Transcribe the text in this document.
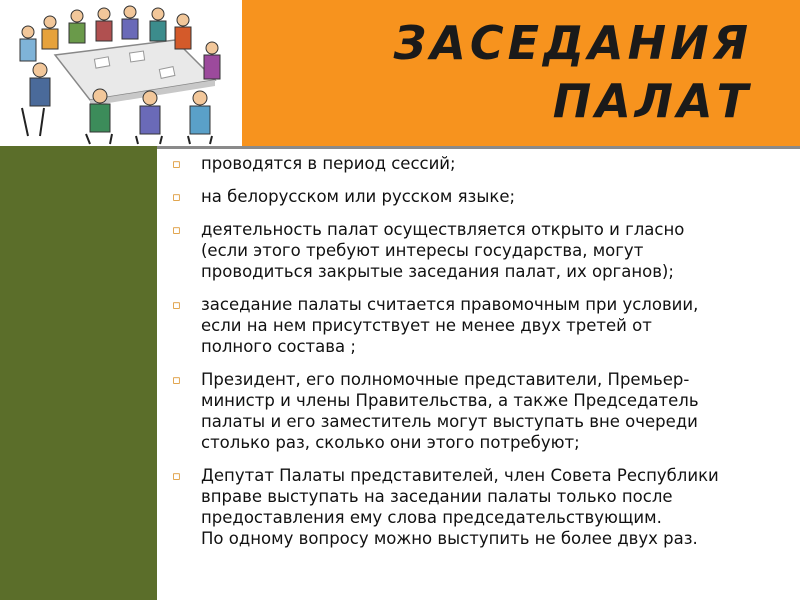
ЗАСЕДАНИЯ
ПАЛАТ
▫ проводятся в период сессий;
▫ на белорусском или русском языке;
▫ деятельность палат осуществляется открыто и гласно
(если этого требуют интересы государства, могут
проводиться закрытые заседания палат, их органов);
▫ заседание палаты считается правомочным при условии,
если на нем присутствует не менее двух третей от
полного состава ;
▫ Президент, его полномочные представители, Премьер-
министр и члены Правительства, а также Председатель
палаты и его заместитель могут выступать вне очереди
столько раз, сколько они этого потребуют;
▫ Депутат Палаты представителей, член Совета Республики
вправе выступать на заседании палаты только после
предоставления ему слова председательствующим.
По одному вопросу можно выступить не более двух раз.
